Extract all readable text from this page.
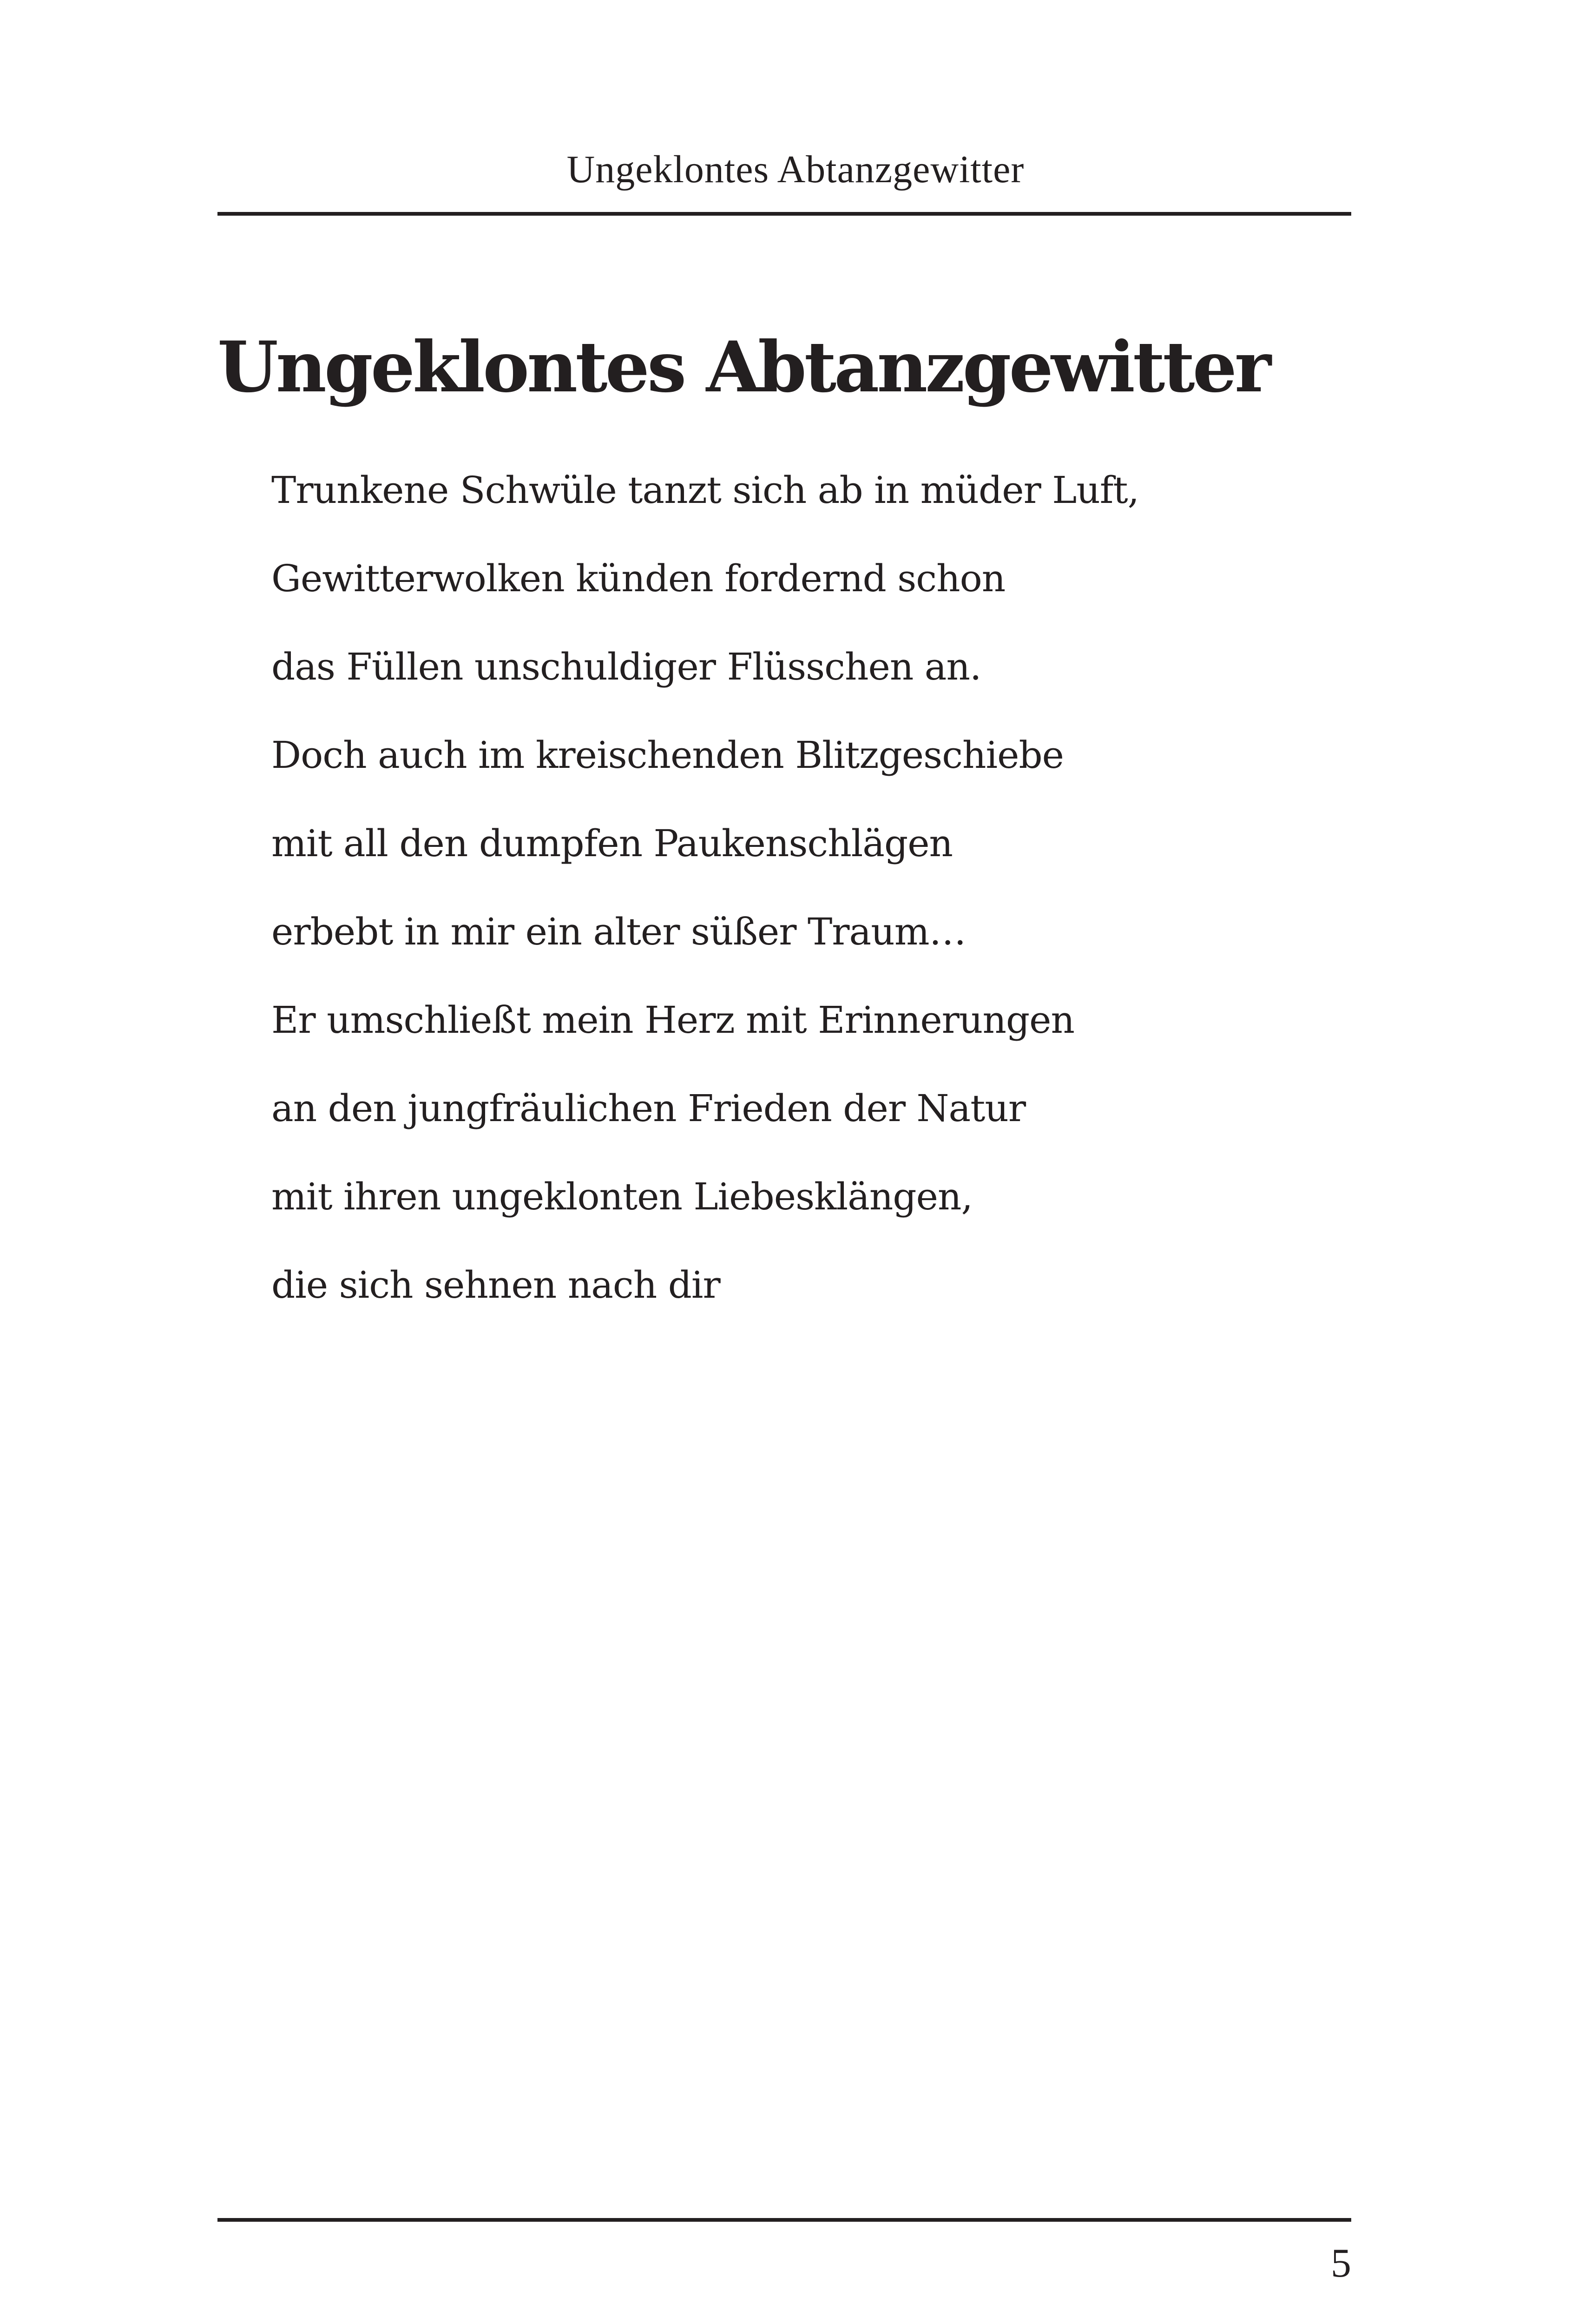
Ungeklontes Abtanzgewitter
Ungeklontes Abtanzgewitter
Trunkene Schwüle tanzt sich ab in müder Luft,
Gewitterwolken künden fordernd schon
das Füllen unschuldiger Flüsschen an.
Doch auch im kreischenden Blitzgeschiebe
mit all den dumpfen Paukenschlägen
erbebt in mir ein alter süßer Traum…
Er umschließt mein Herz mit Erinnerungen
an den jungfräulichen Frieden der Natur
mit ihren ungeklonten Liebesklängen,
die sich sehnen nach dir
5
